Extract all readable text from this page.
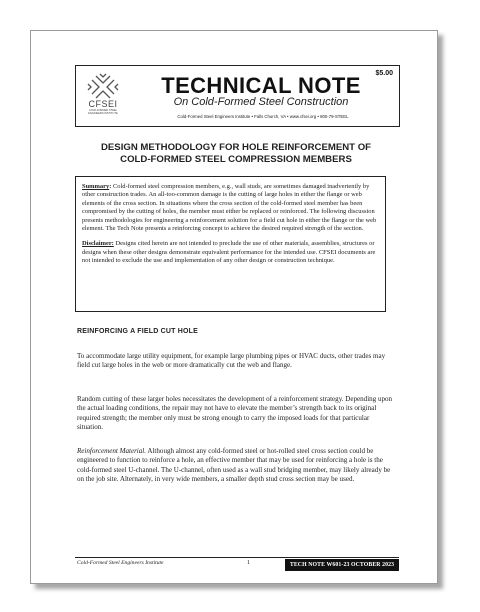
CFSEI
COLD-FORMED STEEL ENGINEERS INSTITUTE
TECHNICAL NOTE
On Cold-Formed Steel Construction
$5.00
Cold-Formed Steel Engineers Institute • Falls Church, VA • www.cfsei.org • 800-79-STEEL
DESIGN METHODOLOGY FOR HOLE REINFORCEMENT OF
COLD-FORMED STEEL COMPRESSION MEMBERS

Summary: Cold-formed steel compression members, e.g., wall studs, are sometimes damaged inadvertently by other construction trades. An all-too-common damage is the cutting of large holes in either the flange or web elements of the cross section. In situations where the cross section of the cold-formed steel member has been compromised by the cutting of holes, the member must either be replaced or reinforced. The following discussion presents methodologies for engineering a reinforcement solution for a field cut hole in either the flange or the web element. The Tech Note presents a reinforcing concept to achieve the desired required strength of the section.

Disclaimer: Designs cited herein are not intended to preclude the use of other materials, assemblies, structures or designs when these other designs demonstrate equivalent performance for the intended use. CFSEI documents are not intended to exclude the use and implementation of any other design or construction technique.

REINFORCING A FIELD CUT HOLE
To accommodate large utility equipment, for example large plumbing pipes or HVAC ducts, other trades may field cut large holes in the web or more dramatically cut the web and flange.
Random cutting of these larger holes necessitates the development of a reinforcement strategy. Depending upon the actual loading conditions, the repair may not have to elevate the member’s strength back to its original required strength; the member only must be strong enough to carry the imposed loads for that particular situation.
Reinforcement Material. Although almost any cold-formed steel or hot-rolled steel cross section could be engineered to function to reinforce a hole, an effective member that may be used for reinforcing a hole is the cold-formed steel U-channel. The U-channel, often used as a wall stud bridging member, may likely already be on the job site. Alternately, in very wide members, a smaller depth stud cross section may be used.
Cold-Formed Steel Engineers Institute	1	TECH NOTE W601-23 OCTOBER 2023
